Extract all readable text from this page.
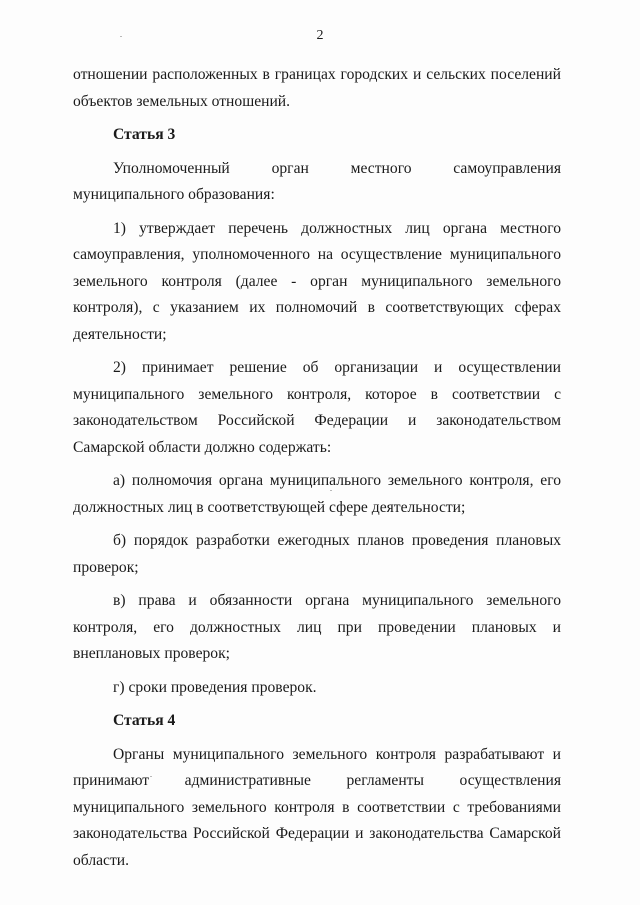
2

отношении расположенных в границах городских и сельских поселений объектов земельных отношений.

Статья 3

Уполномоченный орган местного самоуправления муниципального образования:

1) утверждает перечень должностных лиц органа местного самоуправления, уполномоченного на осуществление муниципального земельного контроля (далее - орган муниципального земельного контроля), с указанием их полномочий в соответствующих сферах деятельности;

2) принимает решение об организации и осуществлении муниципального земельного контроля, которое в соответствии с законодательством Российской Федерации и законодательством Самарской области должно содержать:

а) полномочия органа муниципального земельного контроля, его должностных лиц в соответствующей сфере деятельности;

б) порядок разработки ежегодных планов проведения плановых проверок;

в) права и обязанности органа муниципального земельного контроля, его должностных лиц при проведении плановых и внеплановых проверок;

г) сроки проведения проверок.

Статья 4

Органы муниципального земельного контроля разрабатывают и принимают административные регламенты осуществления муниципального земельного контроля в соответствии с требованиями законодательства Российской Федерации и законодательства Самарской области.
